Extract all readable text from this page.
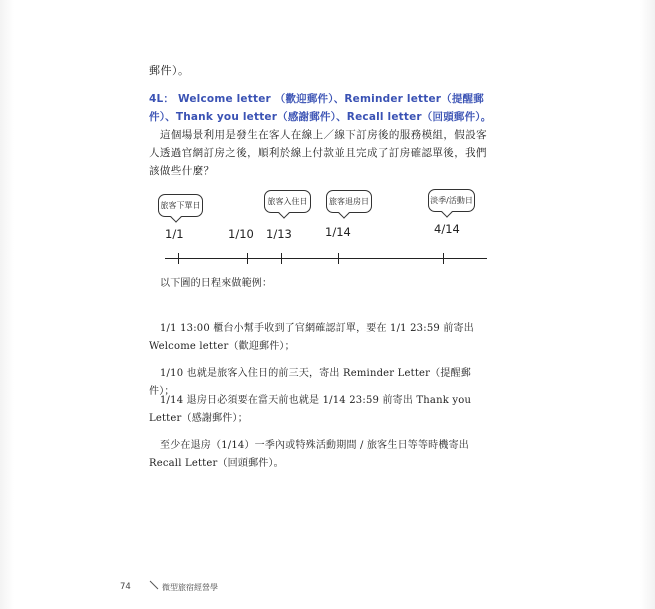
郵件）。
4L： Welcome letter （歡迎郵件）、Reminder letter（提醒郵件）、Thank you letter（感謝郵件）、Recall letter（回頭郵件）。
這個場景利用是發生在客人在線上／線下訂房後的服務模組，假設客人透過官網訂房之後，順利於線上付款並且完成了訂房確認單後，我們該做些什麼？
旅客下單日	旅客入住日	旅客退房日	淡季/活動日
1/1	1/10 1/13	1/14	4/14
以下圖的日程來做範例：
1/1 13:00 櫃台小幫手收到了官網確認訂單，要在 1/1 23:59 前寄出 Welcome letter（歡迎郵件）；
1/10 也就是旅客入住日的前三天，寄出 Reminder Letter（提醒郵件）；
1/14 退房日必須要在當天前也就是 1/14 23:59 前寄出 Thank you Letter（感謝郵件）；
至少在退房（1/14）一季內或特殊活動期間 / 旅客生日等等時機寄出 Recall Letter（回頭郵件）。
74	微型旅宿經營學
